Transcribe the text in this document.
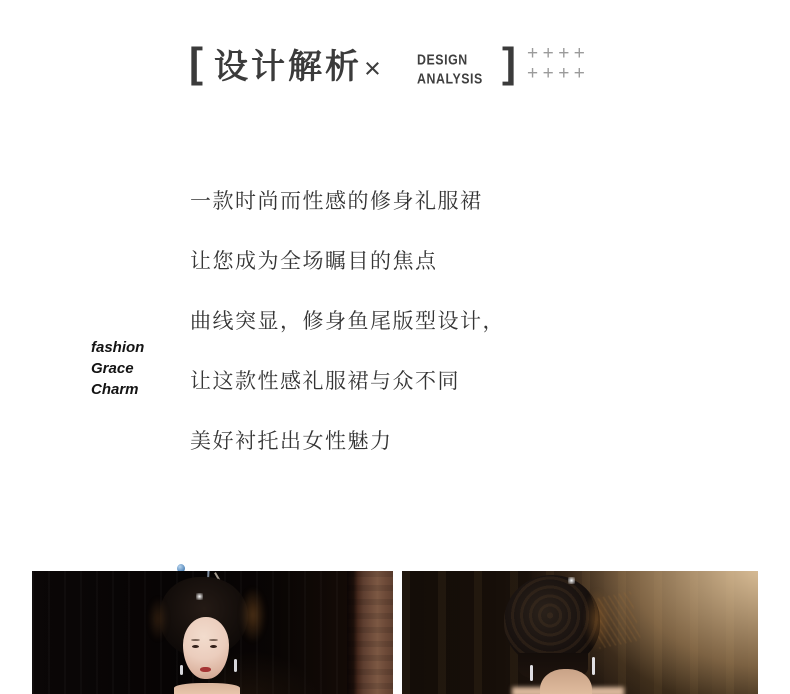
[ 设计解析 ×	DESIGN
ANALYSIS ] ++++
++++
fashion
Grace
Charm
一款时尚而性感的修身礼服裙
让您成为全场瞩目的焦点
曲线突显，修身鱼尾版型设计，
让这款性感礼服裙与众不同
美好衬托出女性魅力
